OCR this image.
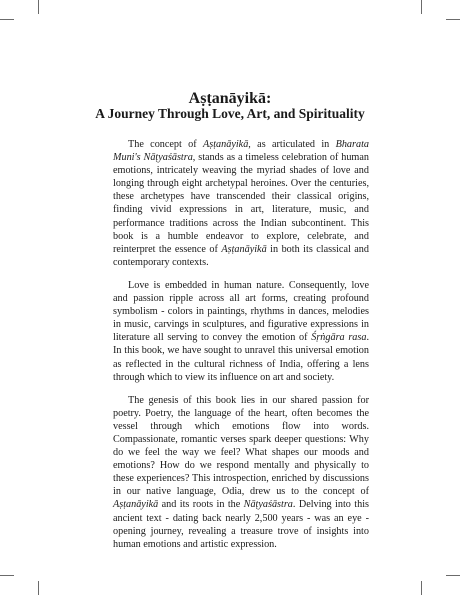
Aṣṭanāyikā:
A Journey Through Love, Art, and Spirituality

The concept of Aṣṭanāyikā, as articulated in Bharata Muni's Nāṭyaśāstra, stands as a timeless celebration of human emotions, intricately weaving the myriad shades of love and longing through eight archetypal heroines. Over the centuries, these archetypes have transcended their classical origins, finding vivid expressions in art, literature, music, and performance traditions across the Indian subcontinent. This book is a humble endeavor to explore, celebrate, and reinterpret the essence of Aṣṭanāyikā in both its classical and contemporary contexts.

Love is embedded in human nature. Consequently, love and passion ripple across all art forms, creating profound symbolism - colors in paintings, rhythms in dances, melodies in music, carvings in sculptures, and figurative expressions in literature all serving to convey the emotion of Śṛṅgāra rasa. In this book, we have sought to unravel this universal emotion as reflected in the cultural richness of India, offering a lens through which to view its influence on art and society.

The genesis of this book lies in our shared passion for poetry. Poetry, the language of the heart, often becomes the vessel through which emotions flow into words. Compassionate, romantic verses spark deeper questions: Why do we feel the way we feel? What shapes our moods and emotions? How do we respond mentally and physically to these experiences? This introspection, enriched by discussions in our native language, Odia, drew us to the concept of Aṣṭanāyikā and its roots in the Nāṭyaśāstra. Delving into this ancient text - dating back nearly 2,500 years - was an eye - opening journey, revealing a treasure trove of insights into human emotions and artistic expression.
